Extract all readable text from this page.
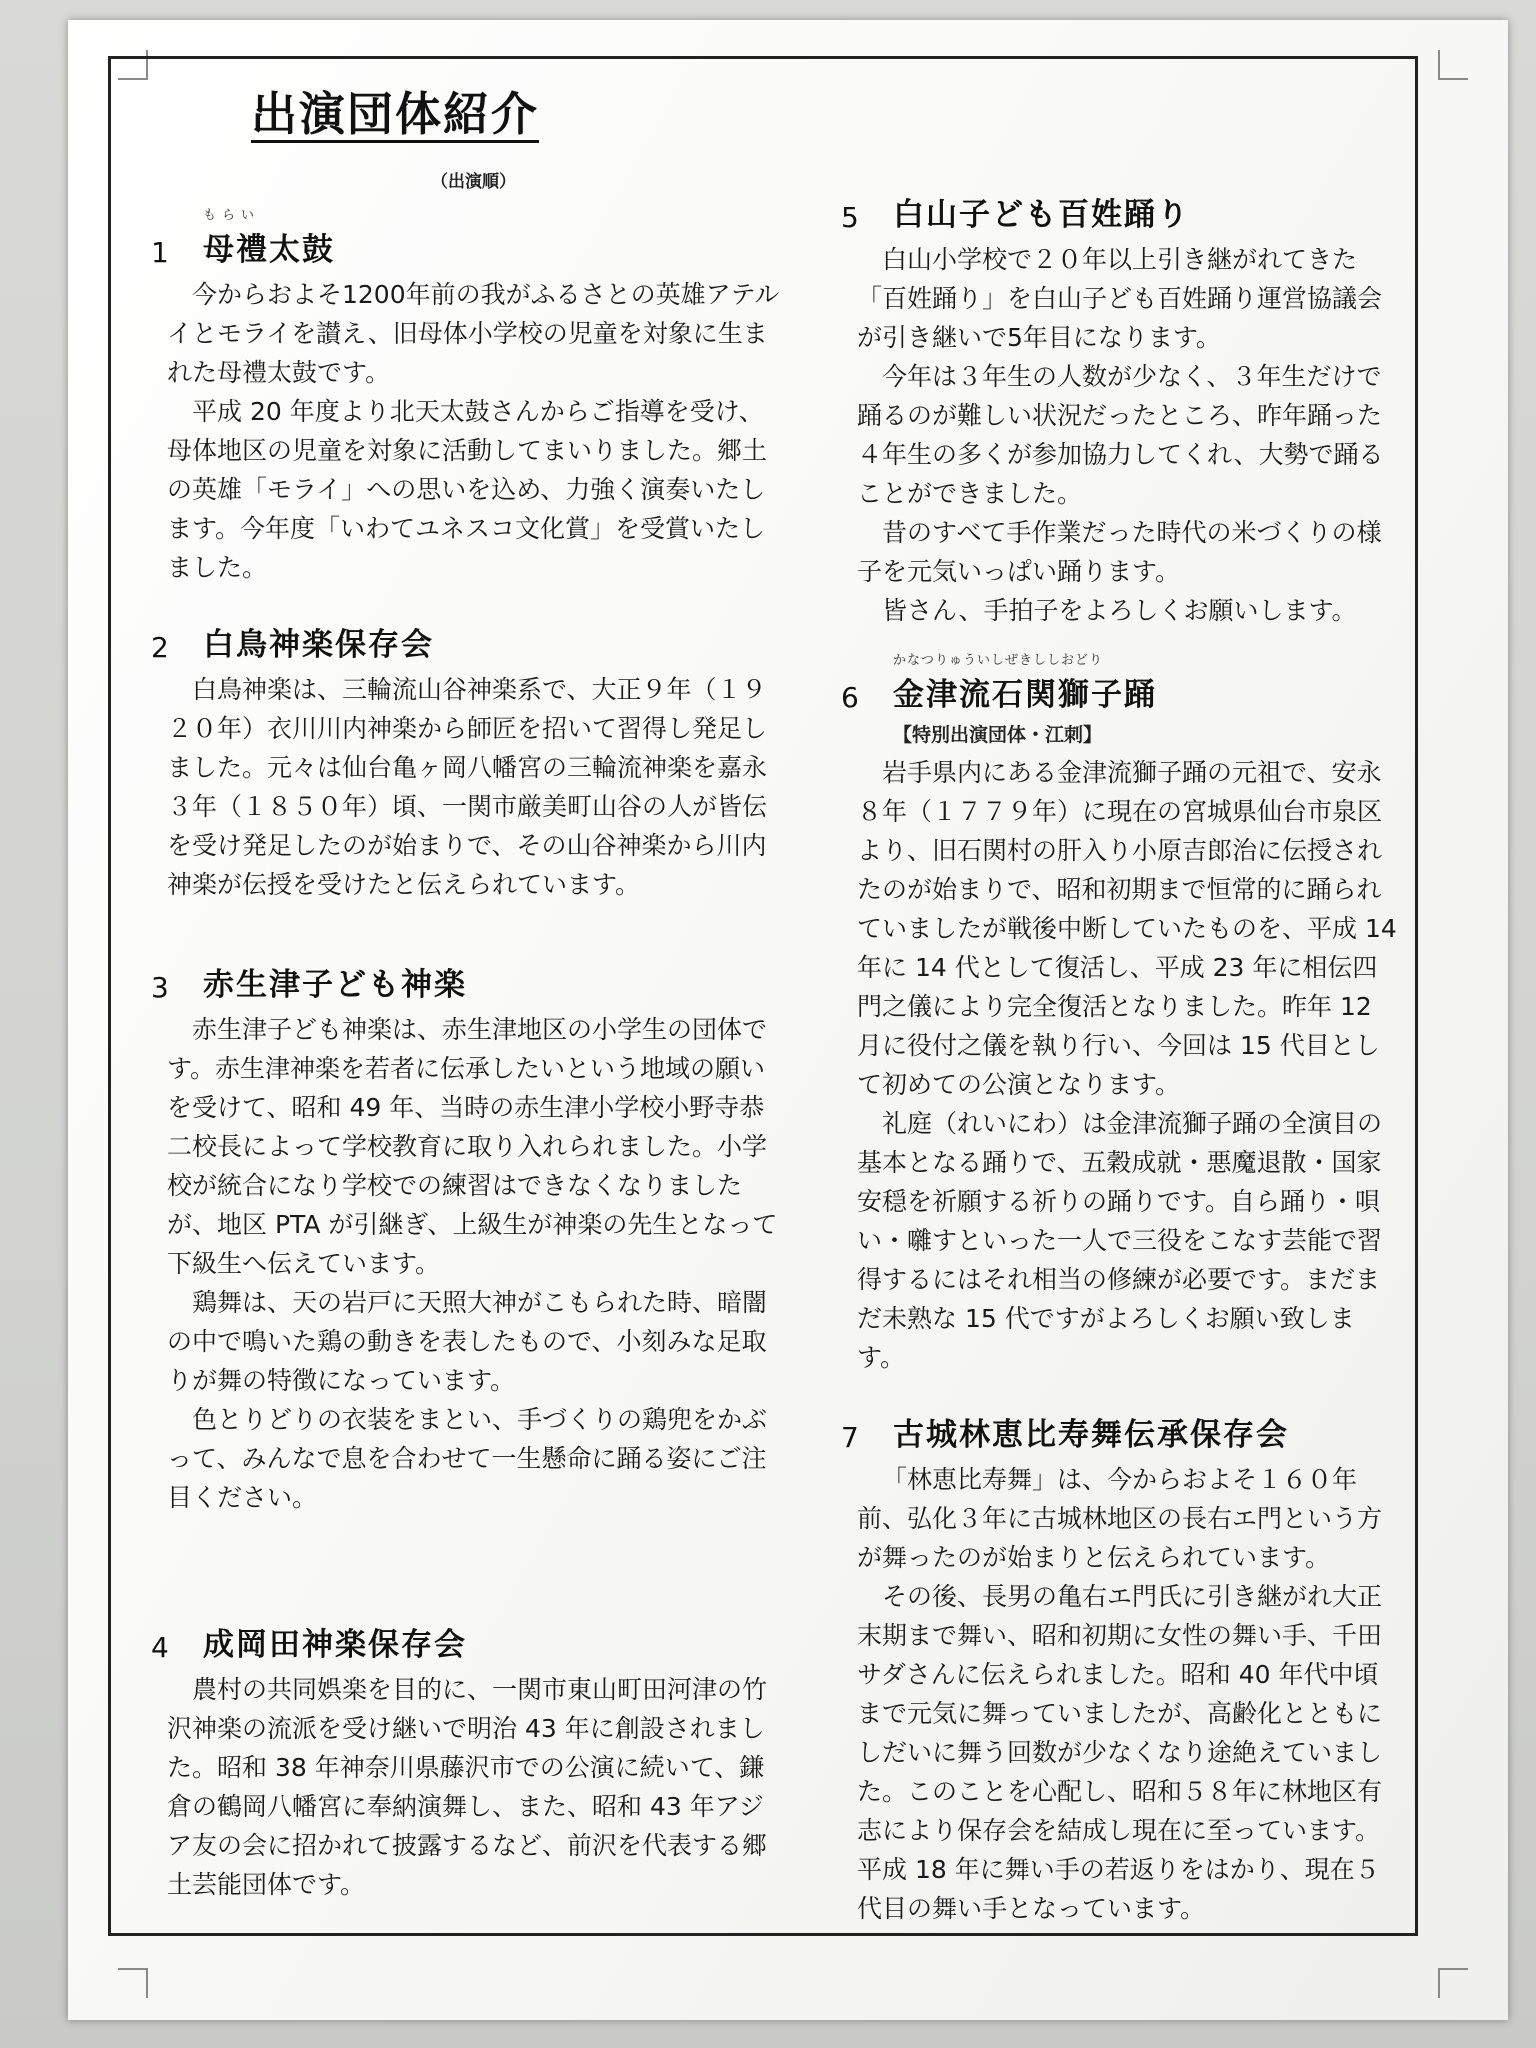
出演団体紹介
（出演順）
1
もらい
母禮太鼓

今からおよそ1200年前の我がふるさとの英雄アテルイとモライを讃え、旧母体小学校の児童を対象に生まれた母禮太鼓です。

平成 20 年度より北天太鼓さんからご指導を受け、母体地区の児童を対象に活動してまいりました。郷土の英雄「モライ」への思いを込め、力強く演奏いたします。今年度「いわてユネスコ文化賞」を受賞いたしました。

2	白鳥神楽保存会

白鳥神楽は、三輪流山谷神楽系で、大正９年（１９２０年）衣川川内神楽から師匠を招いて習得し発足しました。元々は仙台亀ヶ岡八幡宮の三輪流神楽を嘉永３年（１８５０年）頃、一関市厳美町山谷の人が皆伝を受け発足したのが始まりで、その山谷神楽から川内神楽が伝授を受けたと伝えられています。

3	赤生津子ども神楽

赤生津子ども神楽は、赤生津地区の小学生の団体です。赤生津神楽を若者に伝承したいという地域の願いを受けて、昭和 49 年、当時の赤生津小学校小野寺恭二校長によって学校教育に取り入れられました。小学校が統合になり学校での練習はできなくなりましたが、地区 PTA が引継ぎ、上級生が神楽の先生となって下級生へ伝えています。

鶏舞は、天の岩戸に天照大神がこもられた時、暗闇の中で鳴いた鶏の動きを表したもので、小刻みな足取りが舞の特徴になっています。

色とりどりの衣装をまとい、手づくりの鶏兜をかぶって、みんなで息を合わせて一生懸命に踊る姿にご注目ください。

4	成岡田神楽保存会

農村の共同娯楽を目的に、一関市東山町田河津の竹沢神楽の流派を受け継いで明治 43 年に創設されました。昭和 38 年神奈川県藤沢市での公演に続いて、鎌倉の鶴岡八幡宮に奉納演舞し、また、昭和 43 年アジア友の会に招かれて披露するなど、前沢を代表する郷土芸能団体です。

5	白山子ども百姓踊り

白山小学校で２０年以上引き継がれてきた「百姓踊り」を白山子ども百姓踊り運営協議会が引き継いで5年目になります。

今年は３年生の人数が少なく、３年生だけで踊るのが難しい状況だったところ、昨年踊った４年生の多くが参加協力してくれ、大勢で踊ることができました。

昔のすべて手作業だった時代の米づくりの様子を元気いっぱい踊ります。

皆さん、手拍子をよろしくお願いします。

6
かなつりゅういしぜきししおどり
金津流石関獅子踊
【特別出演団体・江刺】

岩手県内にある金津流獅子踊の元祖で、安永８年（１７７９年）に現在の宮城県仙台市泉区より、旧石関村の肝入り小原吉郎治に伝授されたのが始まりで、昭和初期まで恒常的に踊られていましたが戦後中断していたものを、平成 14 年に 14 代として復活し、平成 23 年に相伝四門之儀により完全復活となりました。昨年 12 月に役付之儀を執り行い、今回は 15 代目として初めての公演となります。

礼庭（れいにわ）は金津流獅子踊の全演目の基本となる踊りで、五穀成就・悪魔退散・国家安穏を祈願する祈りの踊りです。自ら踊り・唄い・囃すといった一人で三役をこなす芸能で習得するにはそれ相当の修練が必要です。まだまだ未熟な 15 代ですがよろしくお願い致します。

7	古城林恵比寿舞伝承保存会

「林恵比寿舞」は、今からおよそ１６０年前、弘化３年に古城林地区の長右エ門という方が舞ったのが始まりと伝えられています。

その後、長男の亀右エ門氏に引き継がれ大正末期まで舞い、昭和初期に女性の舞い手、千田サダさんに伝えられました。昭和 40 年代中頃まで元気に舞っていましたが、高齢化とともにしだいに舞う回数が少なくなり途絶えていました。このことを心配し、昭和５８年に林地区有志により保存会を結成し現在に至っています。平成 18 年に舞い手の若返りをはかり、現在５代目の舞い手となっています。
